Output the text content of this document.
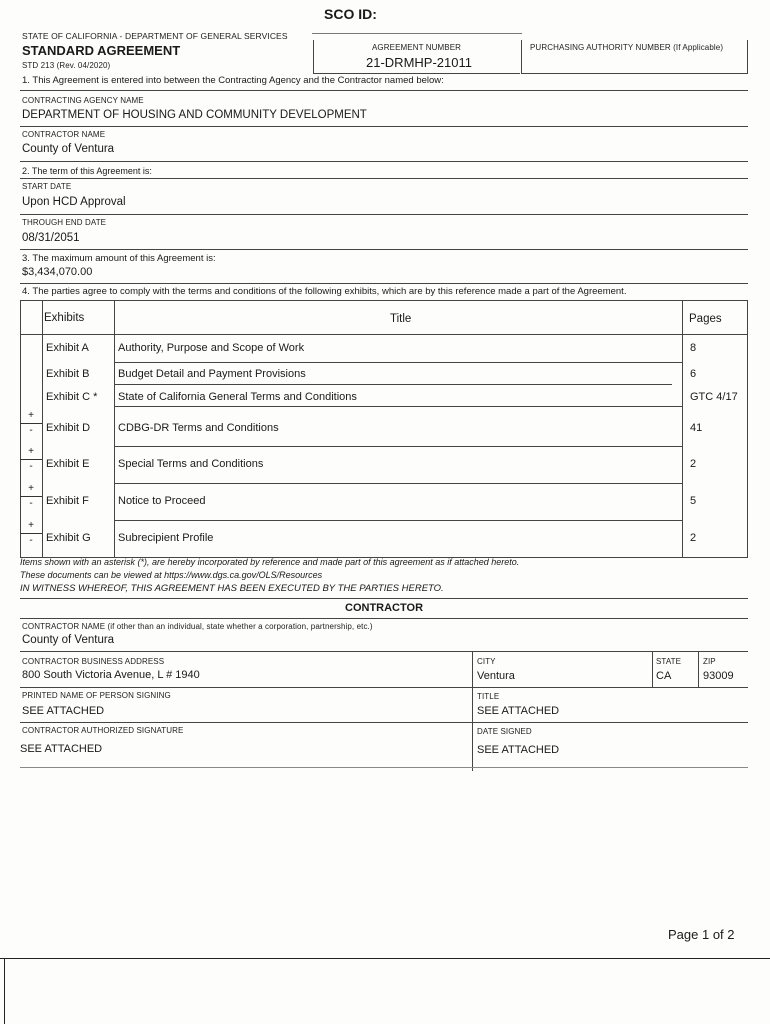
SCO ID:
STATE OF CALIFORNIA - DEPARTMENT OF GENERAL SERVICES
STANDARD AGREEMENT
STD 213 (Rev. 04/2020)
AGREEMENT NUMBER
21-DRMHP-21011
PURCHASING AUTHORITY NUMBER (If Applicable)
1. This Agreement is entered into between the Contracting Agency and the Contractor named below:
CONTRACTING AGENCY NAME
DEPARTMENT OF HOUSING AND COMMUNITY DEVELOPMENT
CONTRACTOR NAME
County of Ventura
2. The term of this Agreement is:
START DATE
Upon HCD Approval
THROUGH END DATE
08/31/2051
3. The maximum amount of this Agreement is:
$3,434,070.00
4. The parties agree to comply with the terms and conditions of the following exhibits, which are by this reference made a part of the Agreement.
Exhibits	Title	Pages
Exhibit A	Authority, Purpose and Scope of Work	8
Exhibit B	Budget Detail and Payment Provisions	6
Exhibit C * State of California General Terms and Conditions	GTC 4/17
Exhibit D	CDBG-DR Terms and Conditions	41
Exhibit E	Special Terms and Conditions	2
Exhibit F	Notice to Proceed	5
Exhibit G Subrecipient Profile	2
Items shown with an asterisk (*), are hereby incorporated by reference and made part of this agreement as if attached hereto.
These documents can be viewed at https://www.dgs.ca.gov/OLS/Resources
IN WITNESS WHEREOF, THIS AGREEMENT HAS BEEN EXECUTED BY THE PARTIES HERETO.
CONTRACTOR
CONTRACTOR NAME (if other than an individual, state whether a corporation, partnership, etc.)
County of Ventura
CONTRACTOR BUSINESS ADDRESS
800 South Victoria Avenue, L # 1940
CITY
Ventura
STATE
CA
ZIP
93009
PRINTED NAME OF PERSON SIGNING
SEE ATTACHED
TITLE
SEE ATTACHED
CONTRACTOR AUTHORIZED SIGNATURE
SEE ATTACHED
DATE SIGNED
SEE ATTACHED
Page 1 of 2
+
-
+
-
+
-
+
-
